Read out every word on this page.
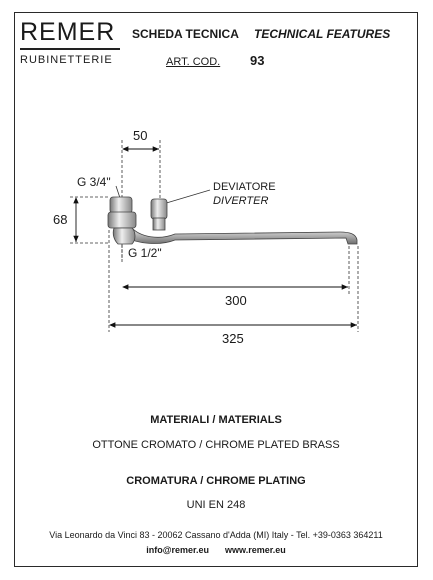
REMER
RUBINETTERIE
SCHEDA TECNICA TECHNICAL FEATURES
ART. COD. 93
50
G 3/4"	DEVIATORE
DIVERTER
68
G 1/2"
300
325
MATERIALI / MATERIALS
OTTONE CROMATO / CHROME PLATED BRASS
CROMATURA / CHROME PLATING
UNI EN 248
Via Leonardo da Vinci 83 - 20062 Cassano d'Adda (MI) Italy - Tel. +39-0363 364211
info@remer.eu www.remer.eu
